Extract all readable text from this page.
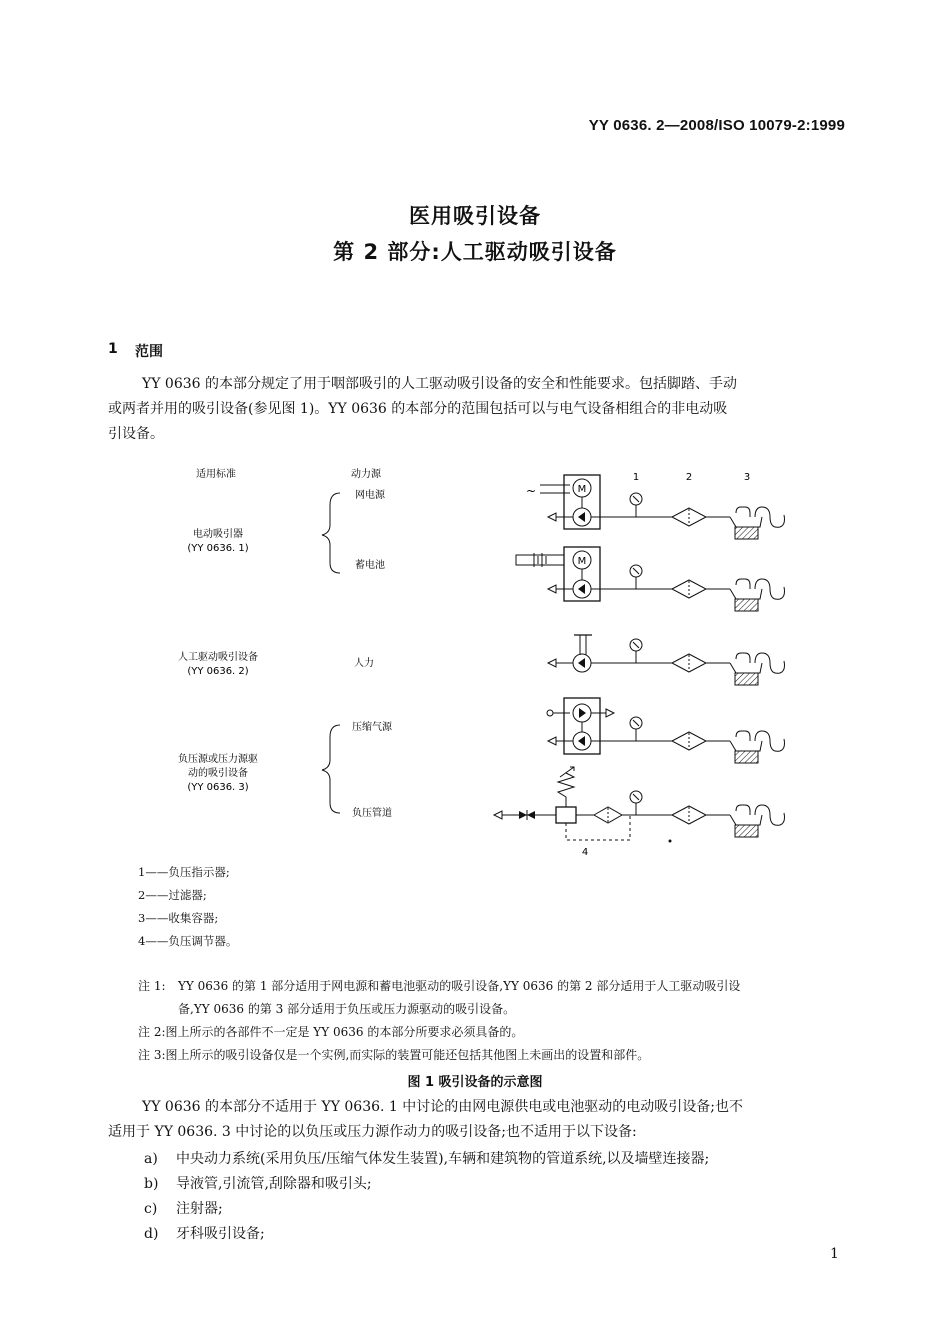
YY 0636. 2—2008/ISO 10079-2:1999
医用吸引设备
第 2 部分:人工驱动吸引设备
1 范围
YY 0636 的本部分规定了用于咽部吸引的人工驱动吸引设备的安全和性能要求。包括脚踏、手动
或两者并用的吸引设备(参见图 1)。YY 0636 的本部分的范围包括可以与电气设备相组合的非电动吸
引设备。
适用标准	动力源
电动吸引器
(YY 0636. 1)
网电源
蓄电池
人工驱动吸引设备
(YY 0636. 2)
人力
负压源或压力源驱
动的吸引设备
(YY 0636. 3)
压缩气源
负压管道
1	2	3
4
~	M
M
1——负压指示器;
2——过滤器;
3——收集容器;
4——负压调节器。
注 1: YY 0636 的第 1 部分适用于网电源和蓄电池驱动的吸引设备,YY 0636 的第 2 部分适用于人工驱动吸引设
备,YY 0636 的第 3 部分适用于负压或压力源驱动的吸引设备。
注 2:图上所示的各部件不一定是 YY 0636 的本部分所要求必须具备的。
注 3:图上所示的吸引设备仅是一个实例,而实际的装置可能还包括其他图上未画出的设置和部件。
图 1 吸引设备的示意图
YY 0636 的本部分不适用于 YY 0636. 1 中讨论的由网电源供电或电池驱动的电动吸引设备;也不
适用于 YY 0636. 3 中讨论的以负压或压力源作动力的吸引设备;也不适用于以下设备:
a) 中央动力系统(采用负压/压缩气体发生装置),车辆和建筑物的管道系统,以及墙壁连接器;
b) 导液管,引流管,刮除器和吸引头;
c) 注射器;
d) 牙科吸引设备;
1
